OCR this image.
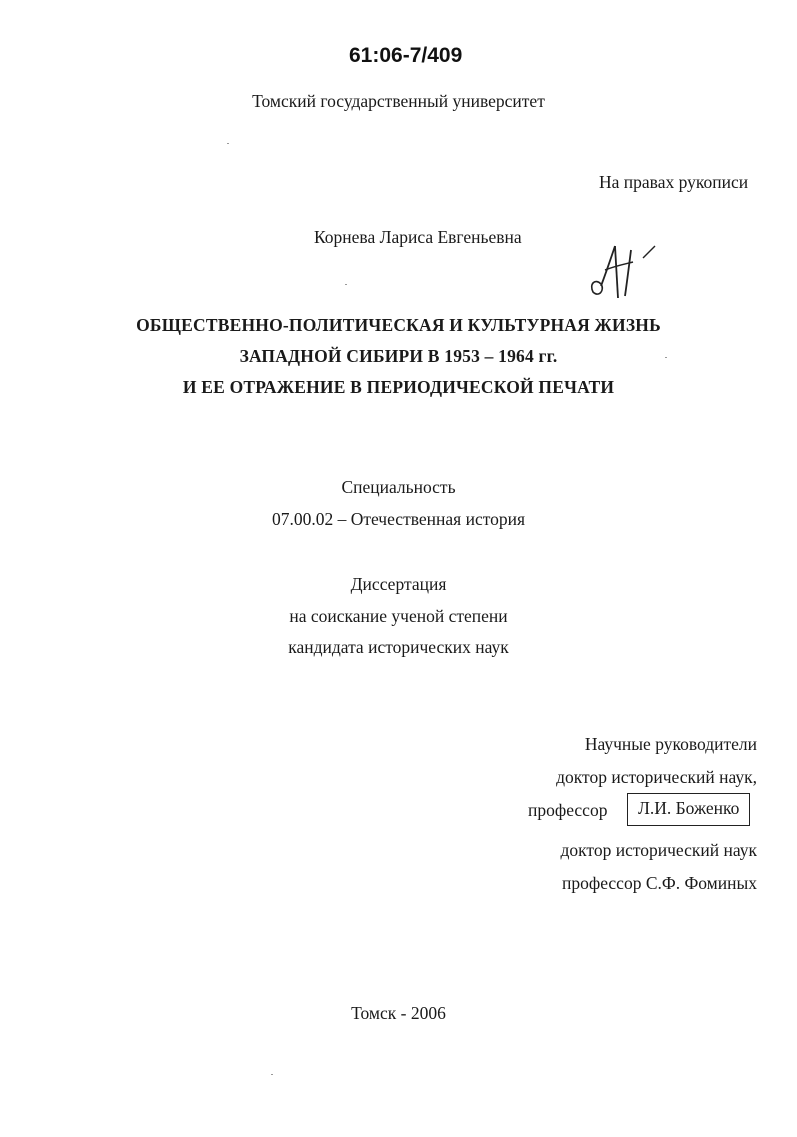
61:06-7/409
Томский государственный университет
На правах рукописи
Корнева Лариса Евгеньевна
ОБЩЕСТВЕННО-ПОЛИТИЧЕСКАЯ И КУЛЬТУРНАЯ ЖИЗНЬ
ЗАПАДНОЙ СИБИРИ В 1953 – 1964 гг.
И ЕЕ ОТРАЖЕНИЕ В ПЕРИОДИЧЕСКОЙ ПЕЧАТИ
Специальность
07.00.02 – Отечественная история
Диссертация
на соискание ученой степени
кандидата исторических наук
Научные руководители
доктор исторический наук,
профессор	Л.И. Боженко
доктор исторический наук
профессор С.Ф. Фоминых
Томск - 2006
